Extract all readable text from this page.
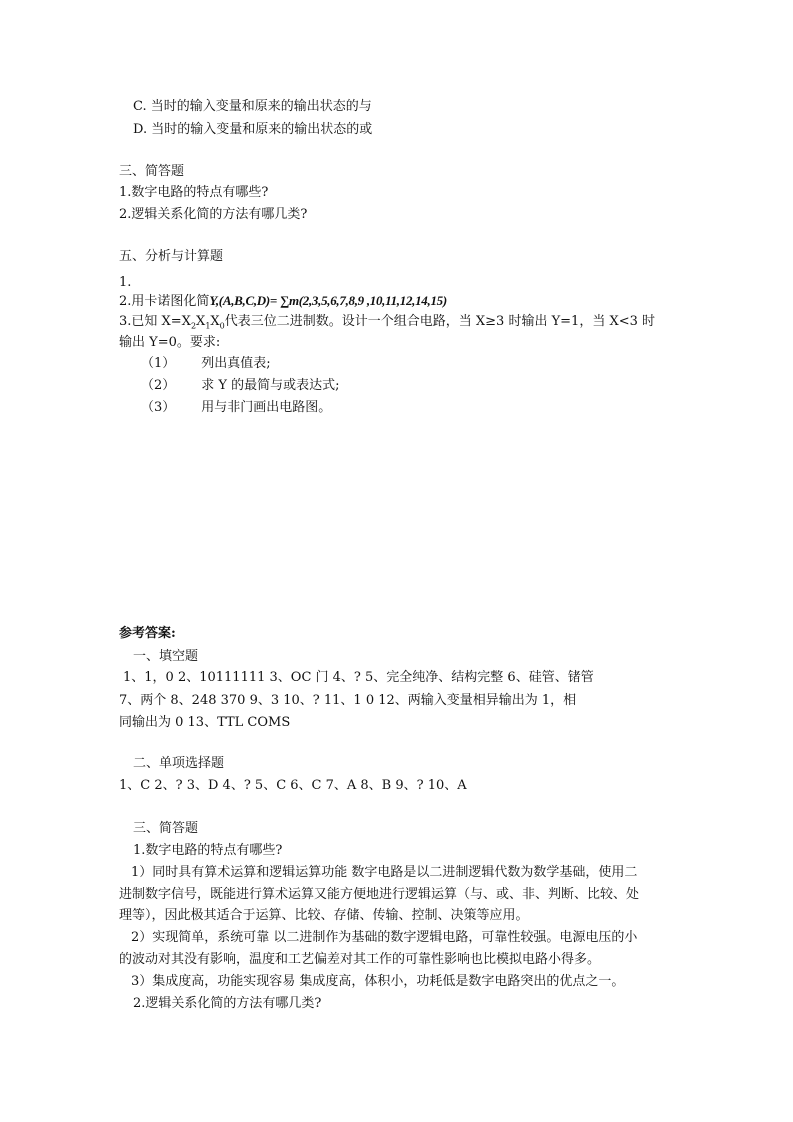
C. 当时的输入变量和原来的输出状态的与
D. 当时的输入变量和原来的输出状态的或
三、简答题
1.数字电路的特点有哪些?
2.逻辑关系化简的方法有哪几类?
五、分析与计算题
1.
2.用卡诺图化简Y,(A,B,C,D)= ∑m(2,3,5,6,7,8,9 ,10,11,12,14,15)
3.已知 $X=X_2X_1X_0$代表三位二进制数。设计一个组合电路，当 X≥3 时输出 Y=1，当 X<3 时
输出 Y=0。要求:
（1） 列出真值表;
（2） 求 Y 的最简与或表达式;
（3） 用与非门画出电路图。
参考答案:
一、填空题
1、1，0 2、10111111 3、OC 门 4、? 5、完全纯净、结构完整 6、硅管、锗管
7、两个 8、248 370 9、3 10、? 11、1 0 12、两输入变量相异输出为 1，相
同输出为 0 13、TTL COMS
二、单项选择题
1、C 2、? 3、D 4、? 5、C 6、C 7、A 8、B 9、? 10、A
三、简答题
1.数字电路的特点有哪些?
1）同时具有算术运算和逻辑运算功能 数字电路是以二进制逻辑代数为数学基础，使用二
进制数字信号，既能进行算术运算又能方便地进行逻辑运算（与、或、非、判断、比较、处
理等），因此极其适合于运算、比较、存储、传输、控制、决策等应用。
2）实现简单，系统可靠 以二进制作为基础的数字逻辑电路，可靠性较强。电源电压的小
的波动对其没有影响，温度和工艺偏差对其工作的可靠性影响也比模拟电路小得多。
3）集成度高，功能实现容易 集成度高，体积小，功耗低是数字电路突出的优点之一。
2.逻辑关系化简的方法有哪几类?
